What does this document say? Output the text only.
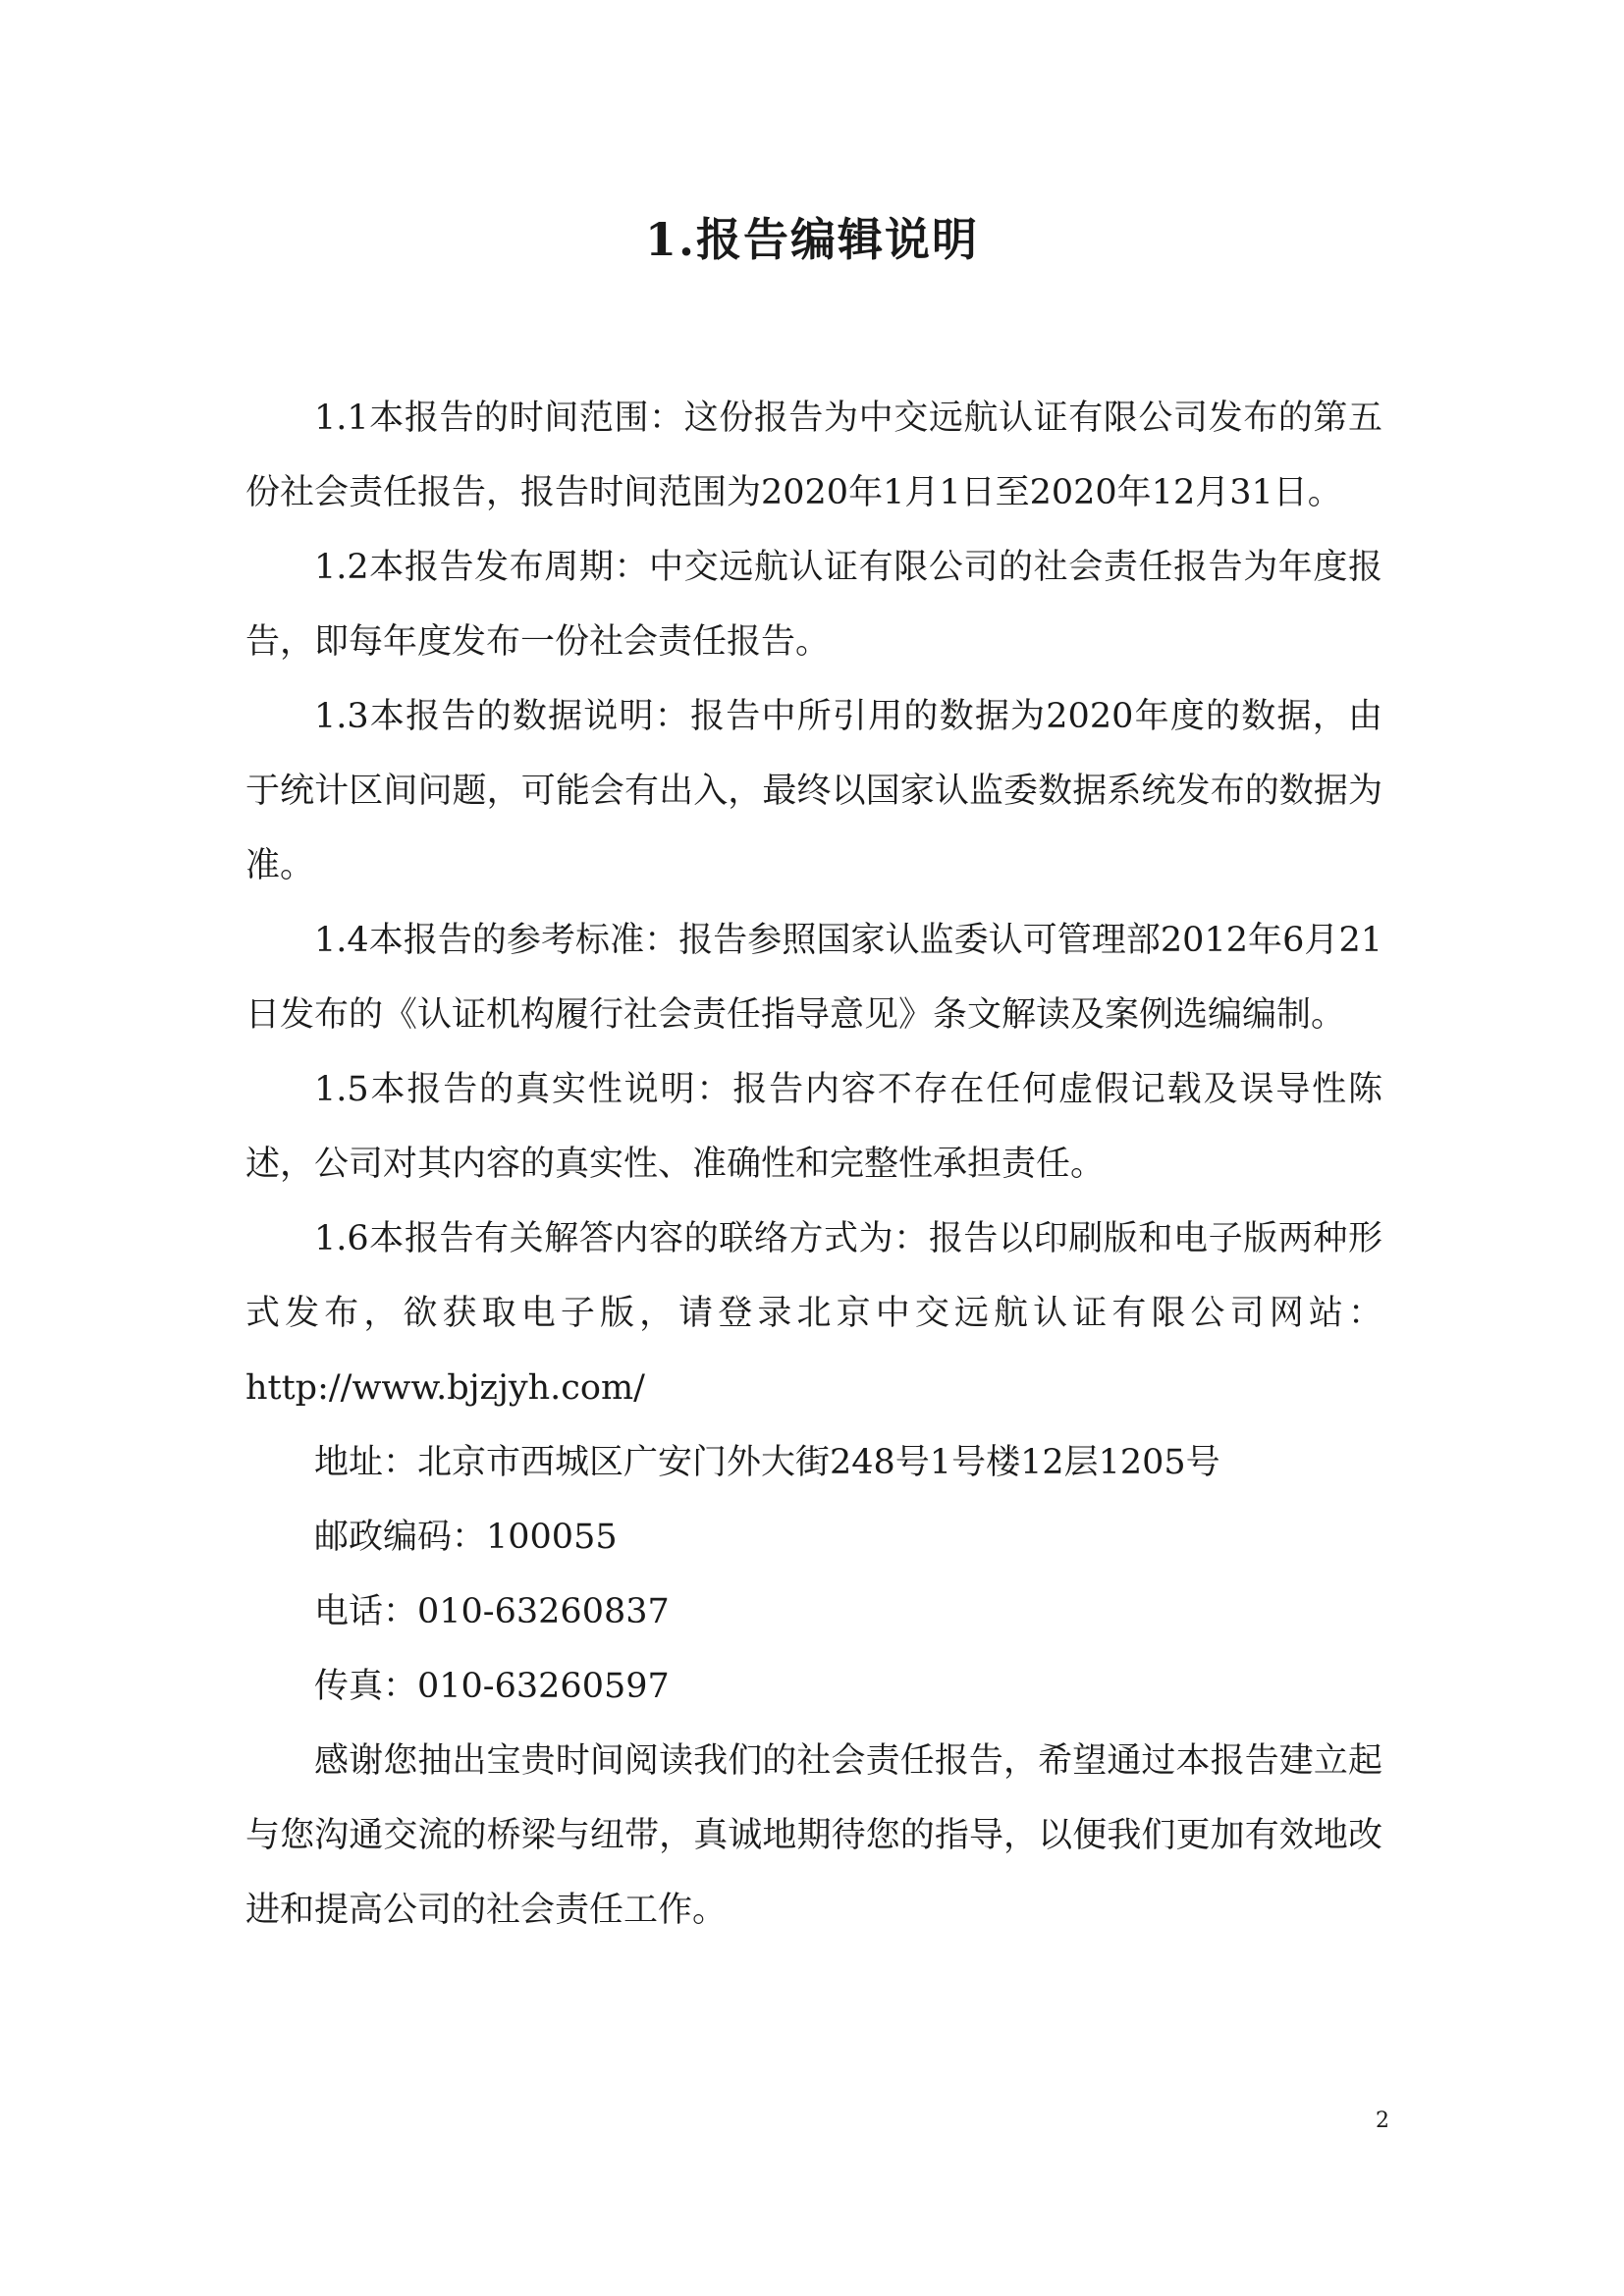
1.报告编辑说明

1.1本报告的时间范围：这份报告为中交远航认证有限公司发布的第五份社会责任报告，报告时间范围为2020年1月1日至2020年12月31日。

1.2本报告发布周期：中交远航认证有限公司的社会责任报告为年度报告，即每年度发布一份社会责任报告。

1.3本报告的数据说明：报告中所引用的数据为2020年度的数据，由于统计区间问题，可能会有出入，最终以国家认监委数据系统发布的数据为准。

1.4本报告的参考标准：报告参照国家认监委认可管理部2012年6月21日发布的《认证机构履行社会责任指导意见》条文解读及案例选编编制。

1.5本报告的真实性说明：报告内容不存在任何虚假记载及误导性陈述，公司对其内容的真实性、准确性和完整性承担责任。

1.6本报告有关解答内容的联络方式为：报告以印刷版和电子版两种形式发布，欲获取电子版，请登录北京中交远航认证有限公司网站：http://www.bjzjyh.com/

地址：北京市西城区广安门外大街248号1号楼12层1205号

邮政编码：100055

电话：010-63260837

传真：010-63260597

感谢您抽出宝贵时间阅读我们的社会责任报告，希望通过本报告建立起与您沟通交流的桥梁与纽带，真诚地期待您的指导，以便我们更加有效地改进和提高公司的社会责任工作。

2
